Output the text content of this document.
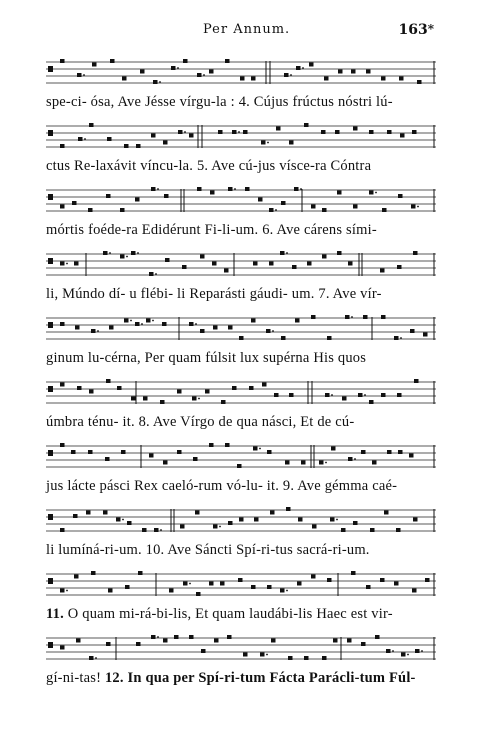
Per Annum.	163*
spe-ci- ósa, Ave Jésse vírgu-la : 4. Cújus frúctus nóstri lú-
ctus Re-laxávit víncu-la. 5. Ave cú-jus vísce-ra Cóntra
mórtis foéde-ra Edidérunt Fi-li-um. 6. Ave cárens sími-
li, Múndo dí- u flébi- li Reparásti gáudi- um. 7. Ave vír-
ginum lu-cérna, Per quam fúlsit lux supérna His quos
úmbra ténu- it. 8. Ave Vírgo de qua násci, Et de cú-
jus lácte pásci Rex caeló-rum vó-lu- it. 9. Ave gémma caé-
li lumíná-ri-um. 10. Ave Sáncti Spí-ri-tus sacrá-ri-um.
11. O quam mi-rá-bi-lis, Et quam laudábi-lis Haec est vir-
gí-ni-tas! 12. In qua per Spí-ri-tum Fácta Parácli-tum Fúl-
